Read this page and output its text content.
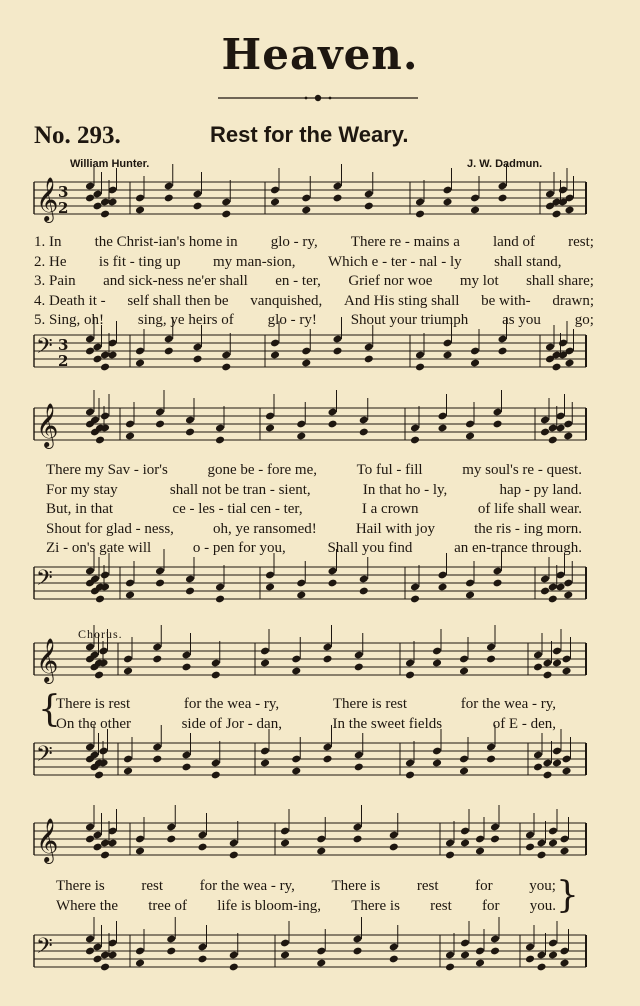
Heaven.
No. 293.	Rest for the Weary.
William Hunter.	J. W. Dadmun.
Chorus.
𝄞 3
2
𝄢 3
2
𝄞
𝄢
𝄞
𝄢
𝄞
𝄢
1. In the Christ-ian's home in glo - ry, There re - mains a land of rest;
2. He is fit - ting up my man-sion, Which e - ter - nal - ly shall stand,
3. Pain and sick-ness ne'er shall en - ter, Grief nor woe my lot shall share;
4. Death it - self shall then be vanquished, And His sting shall be with- drawn;
5. Sing, oh! sing, ye heirs of glo - ry! Shout your triumph as you go;
There my Sav - ior's	gone be - fore me,	To ful - fill	my soul's re - quest.
For my stay	shall not be tran - sient,	In that ho - ly,	hap - py land.
But, in that	ce - les - tial cen - ter,	I a crown	of life shall wear.
Shout for glad - ness,	oh, ye ransomed!	Hail with joy	the ris - ing morn.
Zi - on's gate will	o - pen for you,	Shall you find	an en-trance through.
There is rest	for the wea - ry,	There is rest	for the wea - ry,
On the other	side of Jor - dan,	In the sweet fields	of E - den,
There is rest for the wea - ry, There is rest for you;
Where the tree of life is bloom-ing, There is rest for you.
{
}
